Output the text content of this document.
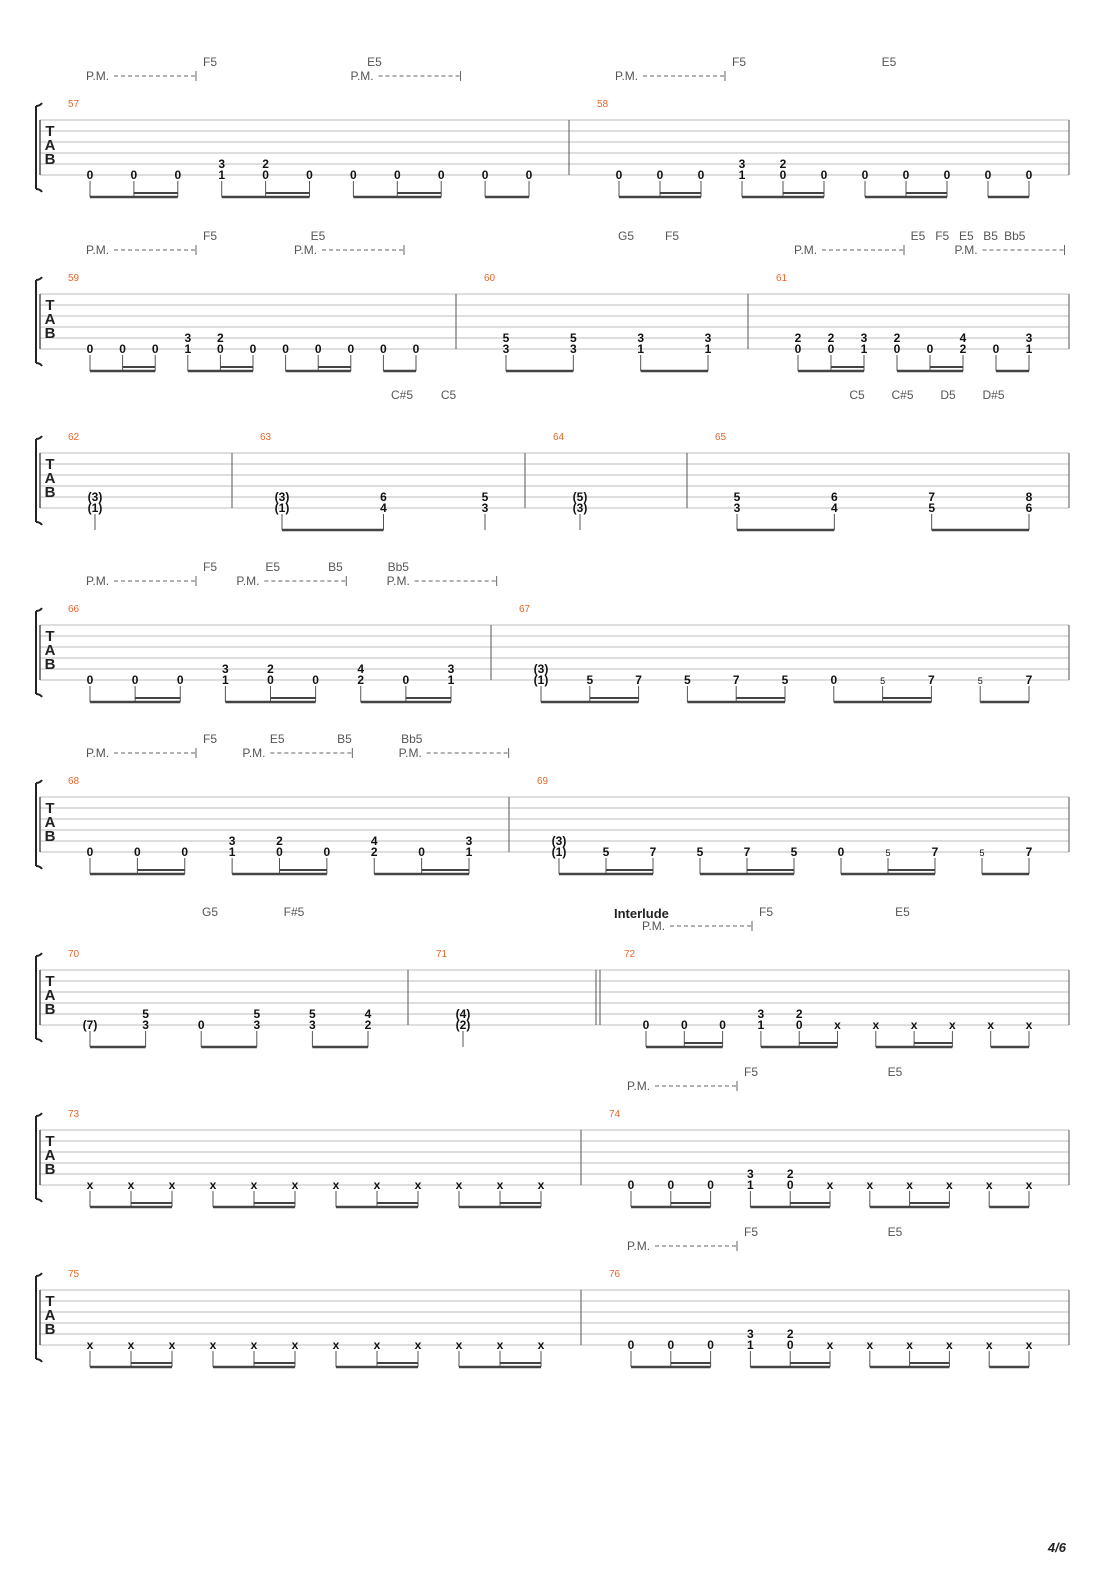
T
A
B
57
0	0	0
3
1
2
0	0	0	0	0	0	0
F5	E5
P.M.	P.M.
58
0	0	0
3
1
2
0	0	0	0	0	0	0
F5	E5
P.M.
T
A
B
59
0 0 0
3
1
2
0 0 0 0 0 0 0
F5	E5
P.M.	P.M.
60
5
3
5
3
3
1
3
1
G5	F5
61
2
0
2
0
3
1
2
0 0
4
2 0
3
1
E5 F5 E5 B5 Bb5
P.M.	P.M.
T
A
B
62
(3)
(1)
63
(3)
(1)
6
4
5
3
C#5 C5
64
(5)
(3)
65
5
3
6
4
7
5
8
6
C5 C#5 D5 D#5
T
A
B
66
0	0	0
3
1
2
0	0
4
2	0
3
1
F5	E5	B5	Bb5
P.M.	P.M.	P.M.
67
(3)
(1)	5	7	5	7	5	0	5	7	5	7
T
A
B
68
0	0	0
3
1
2
0	0
4
2	0
3
1
F5	E5	B5	Bb5
P.M.	P.M.	P.M.
69
(3)
(1)	5	7	5	7	5	0	5	7	5	7
T
A
B
70
(7)
5
3	0
5
3
5
3
4
2
G5	F#5
71
(4)
(2)
Interlude
72
0	0	0
3
1
2
0	x	x	x	x	x	x
F5	E5
P.M.
T
A
B
73
x	x	x	x	x	x	x	x	x	x	x	x
74
0	0	0
3
1
2
0	x	x	x	x	x	x
F5	E5
P.M.
T
A
B
75
x	x	x	x	x	x	x	x	x	x	x	x
76
0	0	0
3
1
2
0	x	x	x	x	x	x
F5	E5
P.M.
4/6
